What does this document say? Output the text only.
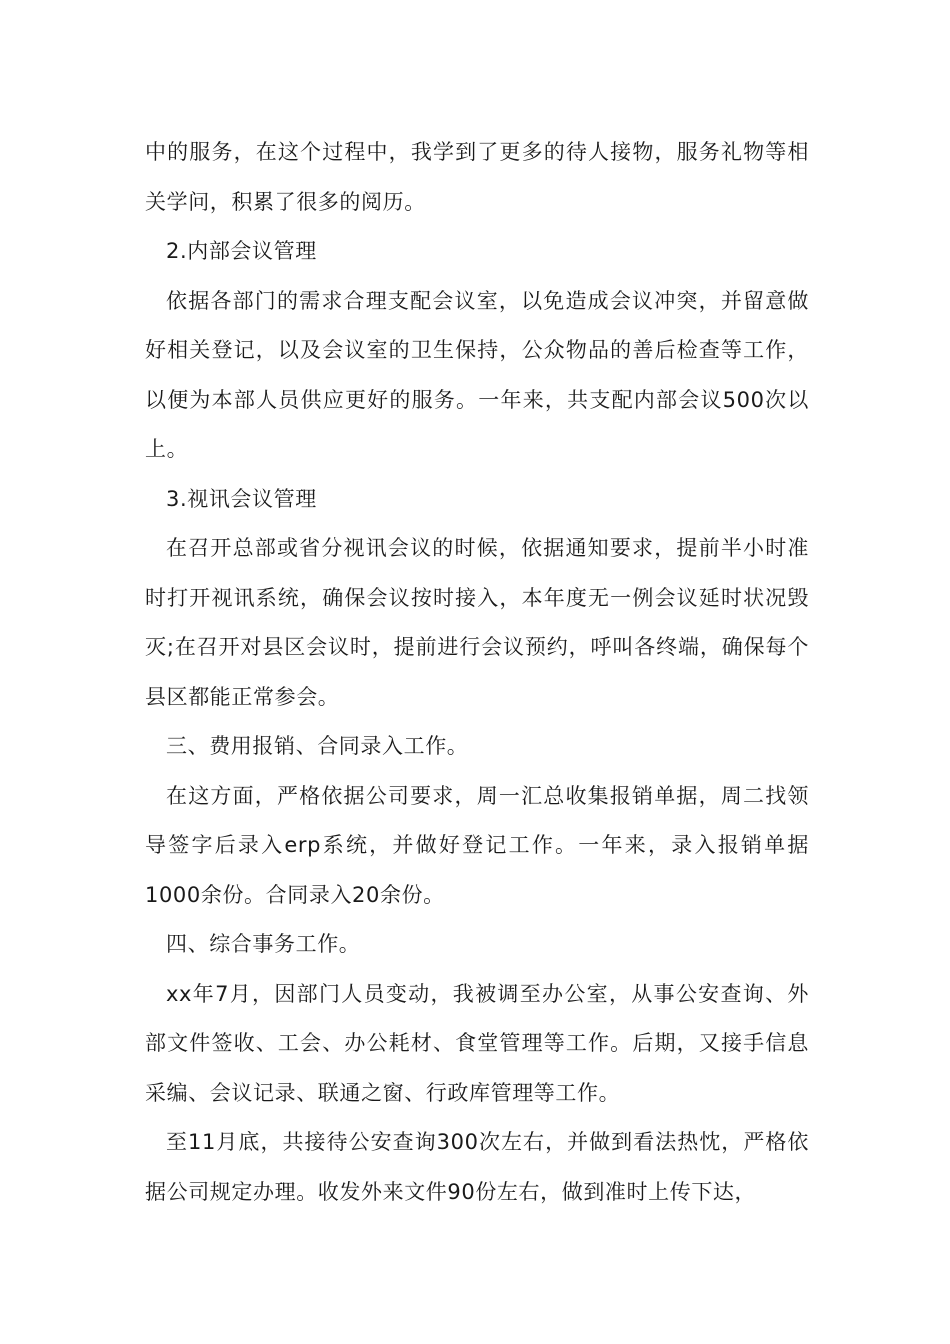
中的服务，在这个过程中，我学到了更多的待人接物，服务礼物等相关学问，积累了很多的阅历。

2.内部会议管理

依据各部门的需求合理支配会议室，以免造成会议冲突，并留意做好相关登记，以及会议室的卫生保持，公众物品的善后检查等工作，以便为本部人员供应更好的服务。一年来，共支配内部会议500次以上。

3.视讯会议管理

在召开总部或省分视讯会议的时候，依据通知要求，提前半小时准时打开视讯系统，确保会议按时接入，本年度无一例会议延时状况毁灭;在召开对县区会议时，提前进行会议预约，呼叫各终端，确保每个县区都能正常参会。

三、费用报销、合同录入工作。

在这方面，严格依据公司要求，周一汇总收集报销单据，周二找领导签字后录入erp系统，并做好登记工作。一年来，录入报销单据1000余份。合同录入20余份。

四、综合事务工作。

xx年7月，因部门人员变动，我被调至办公室，从事公安查询、外部文件签收、工会、办公耗材、食堂管理等工作。后期，又接手信息采编、会议记录、联通之窗、行政库管理等工作。

至11月底，共接待公安查询300次左右，并做到看法热忱，严格依据公司规定办理。收发外来文件90份左右，做到准时上传下达，
